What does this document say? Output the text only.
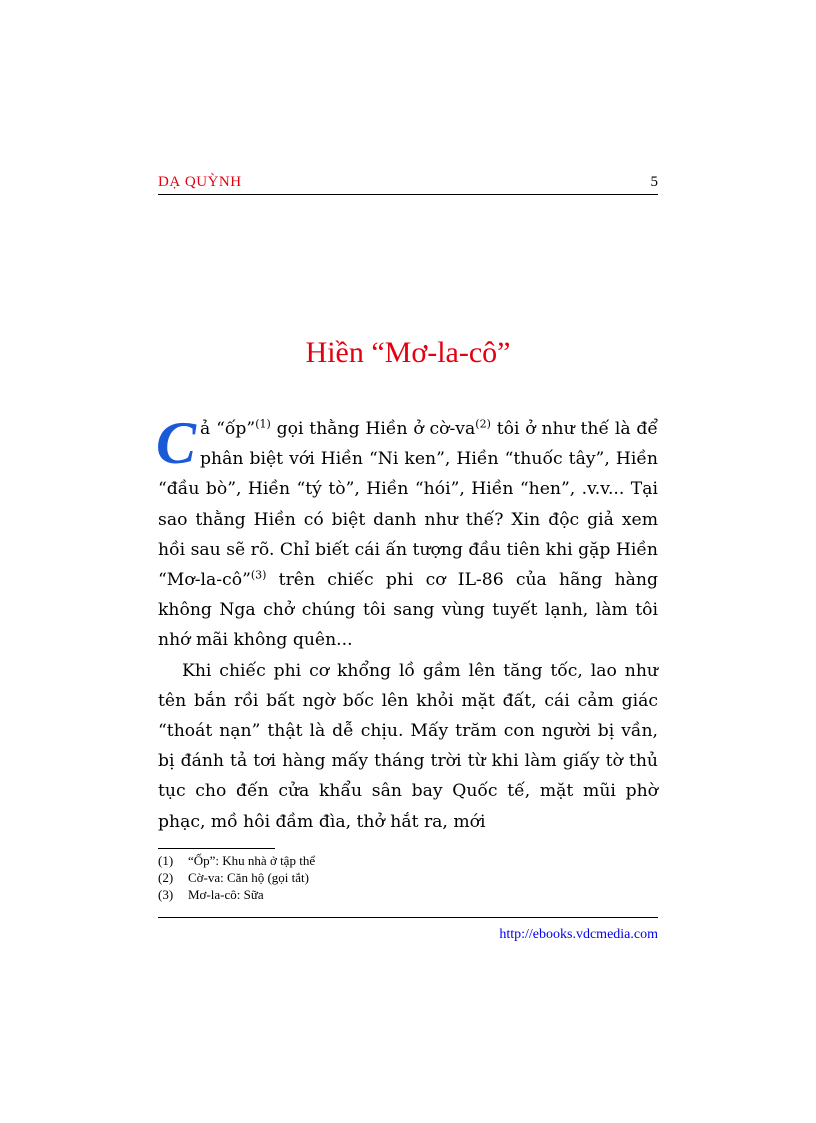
DẠ QUỲNH	5
Hiền “Mơ-la-cô”

Cả “ốp”$^{(1)}$ gọi thằng Hiền ở $cờ-va^{(2)}$ tôi ở như thế là để phân biệt với Hiền “Ni ken”, Hiền “thuốc tây”, Hiền “đầu bò”, Hiền “tý tò”, Hiền “hói”, Hiền “hen”, .v.v... Tại sao thằng Hiền có biệt danh như thế? Xin độc giả xem hồi sau sẽ rõ. Chỉ biết cái ấn tượng đầu tiên khi gặp Hiền “Mơ-la-cô”$^{(3)}$ trên chiếc phi cơ IL-86 của hãng hàng không Nga chở chúng tôi sang vùng tuyết lạnh, làm tôi nhớ mãi không quên...

Khi chiếc phi cơ khổng lồ gầm lên tăng tốc, lao như tên bắn rồi bất ngờ bốc lên khỏi mặt đất, cái cảm giác “thoát nạn” thật là dễ chịu. Mấy trăm con người bị vần, bị đánh tả tơi hàng mấy tháng trời từ khi làm giấy tờ thủ tục cho đến cửa khẩu sân bay Quốc tế, mặt mũi phờ phạc, mồ hôi đầm đìa, thở hắt ra, mới

(1) “Ốp”: Khu nhà ở tập thể
(2) Cờ-va: Căn hộ (gọi tắt)
(3) Mơ-la-cô: Sữa
http://ebooks.vdcmedia.com
